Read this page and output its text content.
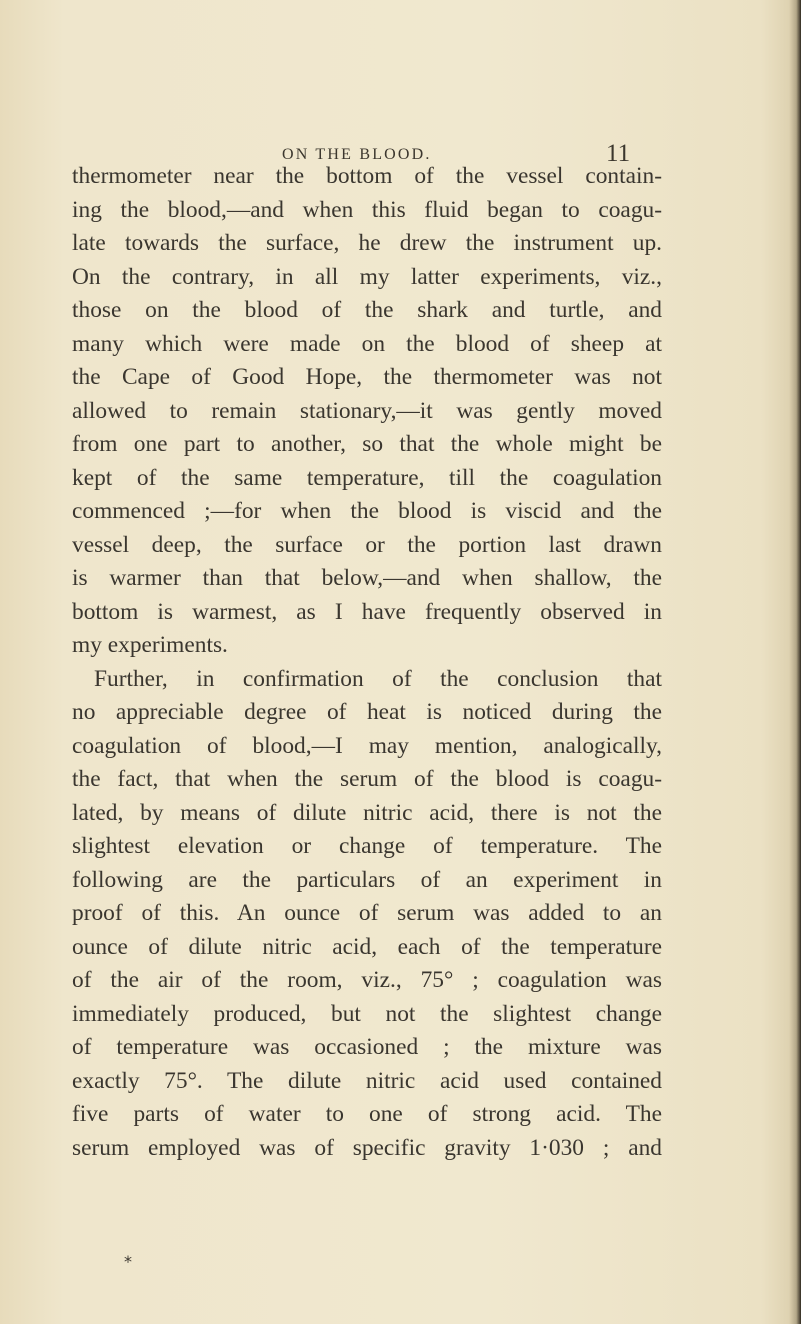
ON THE BLOOD.	11
thermometer near the bottom of the vessel contain-
ing the blood,—and when this fluid began to coagu-
late towards the surface, he drew the instrument up.
On the contrary, in all my latter experiments, viz.,
those on the blood of the shark and turtle, and
many which were made on the blood of sheep at
the Cape of Good Hope, the thermometer was not
allowed to remain stationary,—it was gently moved
from one part to another, so that the whole might be
kept of the same temperature, till the coagulation
commenced ;—for when the blood is viscid and the
vessel deep, the surface or the portion last drawn
is warmer than that below,—and when shallow, the
bottom is warmest, as I have frequently observed in
my experiments.
Further, in confirmation of the conclusion that
no appreciable degree of heat is noticed during the
coagulation of blood,—I may mention, analogically,
the fact, that when the serum of the blood is coagu-
lated, by means of dilute nitric acid, there is not the
slightest elevation or change of temperature. The
following are the particulars of an experiment in
proof of this. An ounce of serum was added to an
ounce of dilute nitric acid, each of the temperature
of the air of the room, viz., 75° ; coagulation was
immediately produced, but not the slightest change
of temperature was occasioned ; the mixture was
exactly 75°. The dilute nitric acid used contained
five parts of water to one of strong acid. The
serum employed was of specific gravity 1·030 ; and
*
